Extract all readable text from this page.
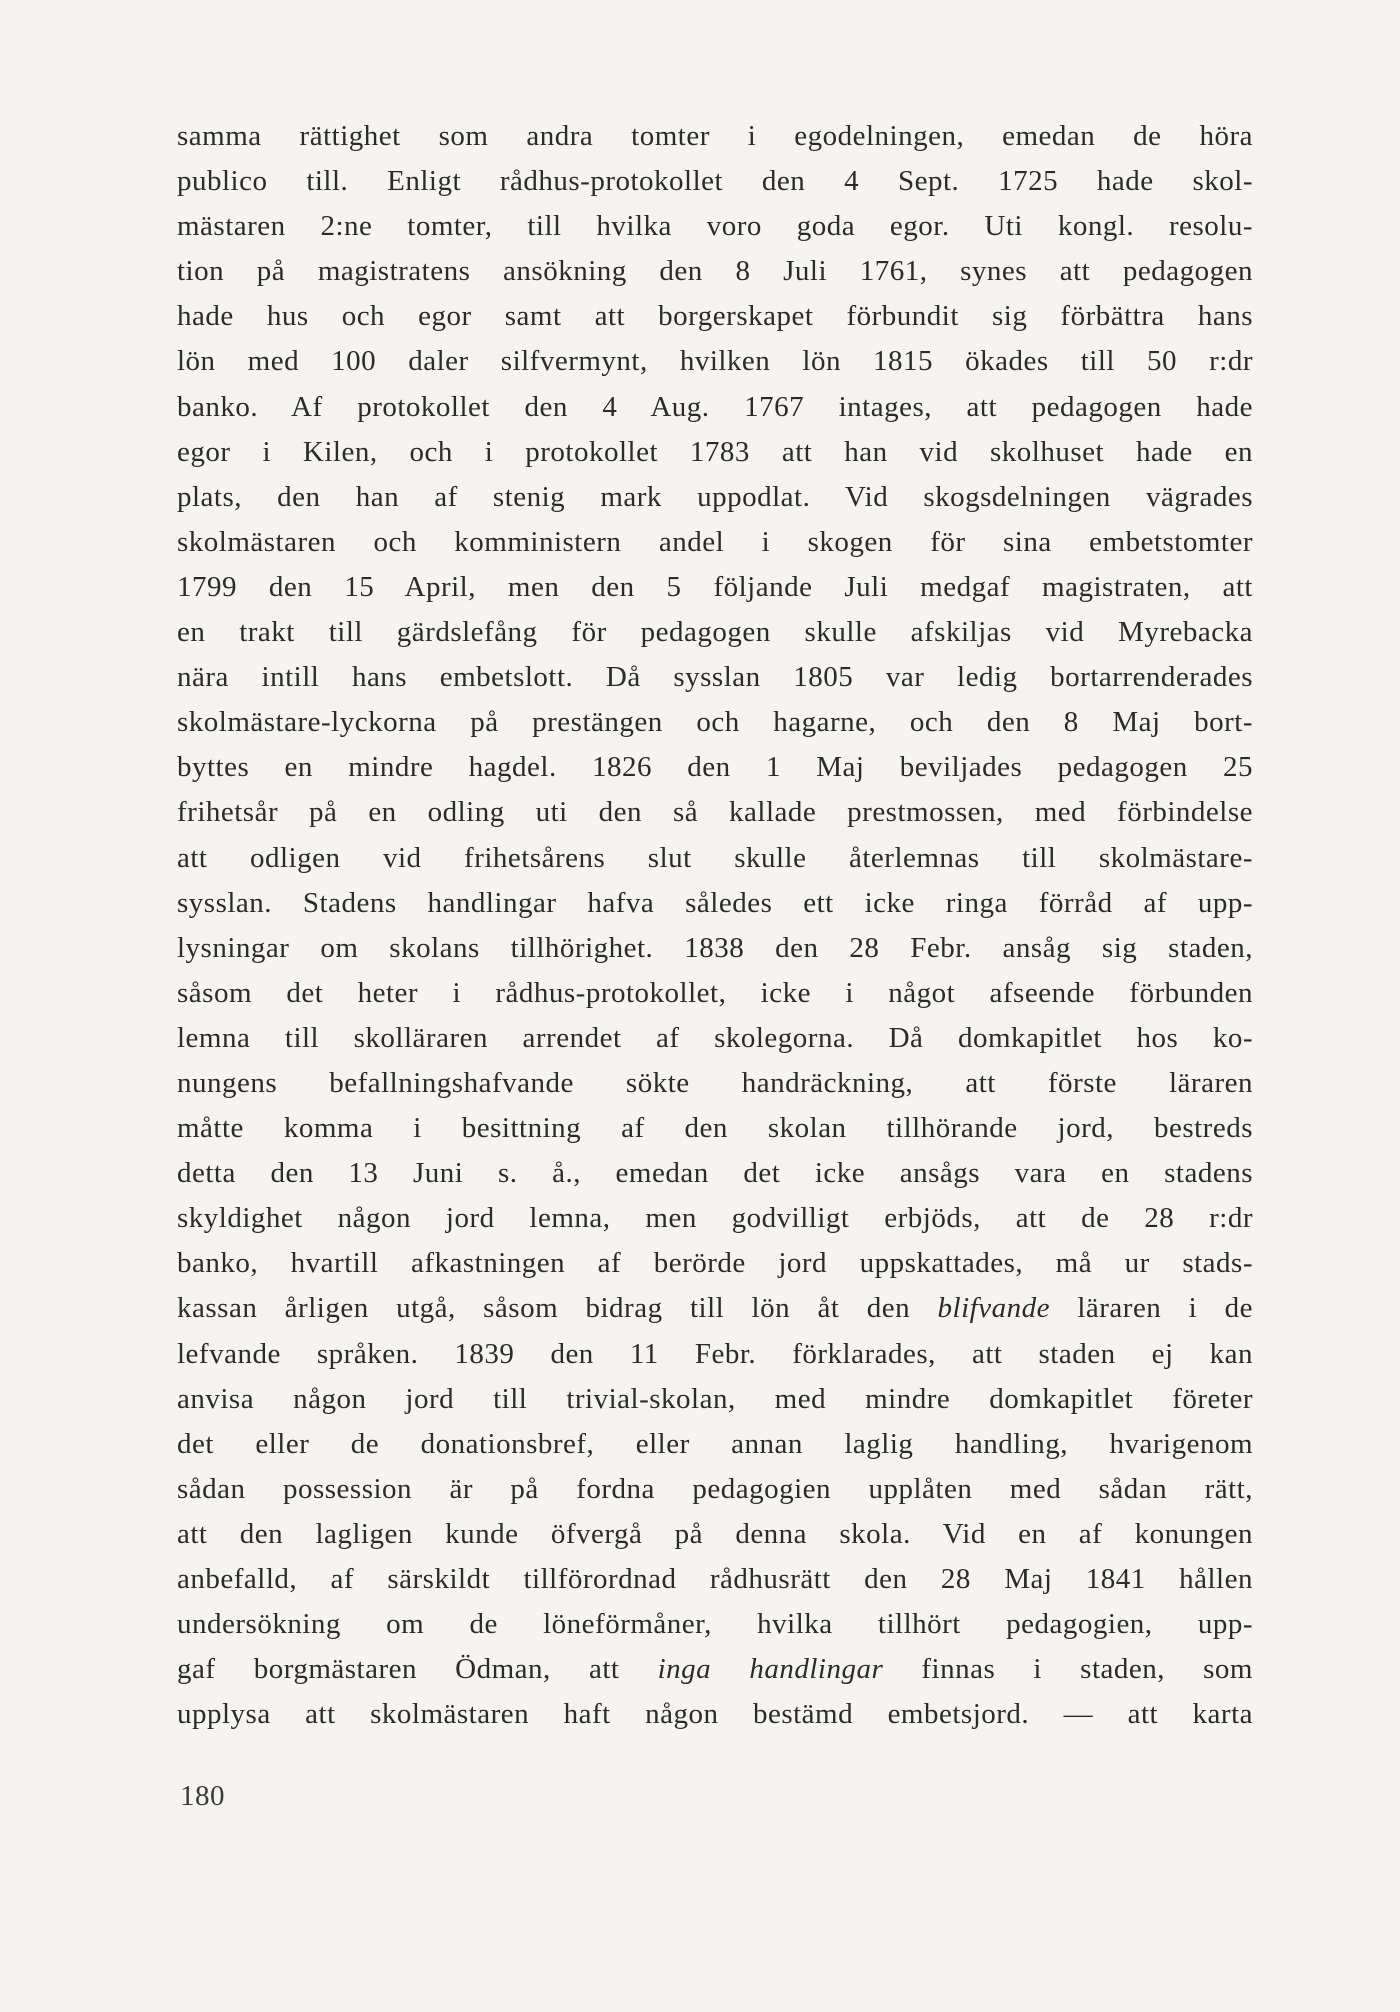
samma rättighet som andra tomter i egodelningen, emedan de höra
publico till. Enligt rådhus-protokollet den 4 Sept. 1725 hade skol-
mästaren 2:ne tomter, till hvilka voro goda egor. Uti kongl. resolu-
tion på magistratens ansökning den 8 Juli 1761, synes att pedagogen
hade hus och egor samt att borgerskapet förbundit sig förbättra hans
lön med 100 daler silfvermynt, hvilken lön 1815 ökades till 50 r:dr
banko. Af protokollet den 4 Aug. 1767 intages, att pedagogen hade
egor i Kilen, och i protokollet 1783 att han vid skolhuset hade en
plats, den han af stenig mark uppodlat. Vid skogsdelningen vägrades
skolmästaren och komministern andel i skogen för sina embetstomter
1799 den 15 April, men den 5 följande Juli medgaf magistraten, att
en trakt till gärdslefång för pedagogen skulle afskiljas vid Myrebacka
nära intill hans embetslott. Då sysslan 1805 var ledig bortarrenderades
skolmästare-lyckorna på prestängen och hagarne, och den 8 Maj bort-
byttes en mindre hagdel. 1826 den 1 Maj beviljades pedagogen 25
frihetsår på en odling uti den så kallade prestmossen, med förbindelse
att odligen vid frihetsårens slut skulle återlemnas till skolmästare-
sysslan. Stadens handlingar hafva således ett icke ringa förråd af upp-
lysningar om skolans tillhörighet. 1838 den 28 Febr. ansåg sig staden,
såsom det heter i rådhus-protokollet, icke i något afseende förbunden
lemna till skolläraren arrendet af skolegorna. Då domkapitlet hos ko-
nungens befallningshafvande sökte handräckning, att förste läraren
måtte komma i besittning af den skolan tillhörande jord, bestreds
detta den 13 Juni s. å., emedan det icke ansågs vara en stadens
skyldighet någon jord lemna, men godvilligt erbjöds, att de 28 r:dr
banko, hvartill afkastningen af berörde jord uppskattades, må ur stads-
kassan årligen utgå, såsom bidrag till lön åt den blifvande läraren i de
lefvande språken. 1839 den 11 Febr. förklarades, att staden ej kan
anvisa någon jord till trivial-skolan, med mindre domkapitlet företer
det eller de donationsbref, eller annan laglig handling, hvarigenom
sådan possession är på fordna pedagogien upplåten med sådan rätt,
att den lagligen kunde öfvergå på denna skola. Vid en af konungen
anbefalld, af särskildt tillförordnad rådhusrätt den 28 Maj 1841 hållen
undersökning om de löneförmåner, hvilka tillhört pedagogien, upp-
gaf borgmästaren Ödman, att inga handlingar finnas i staden, som
upplysa att skolmästaren haft någon bestämd embetsjord. — att karta
180
